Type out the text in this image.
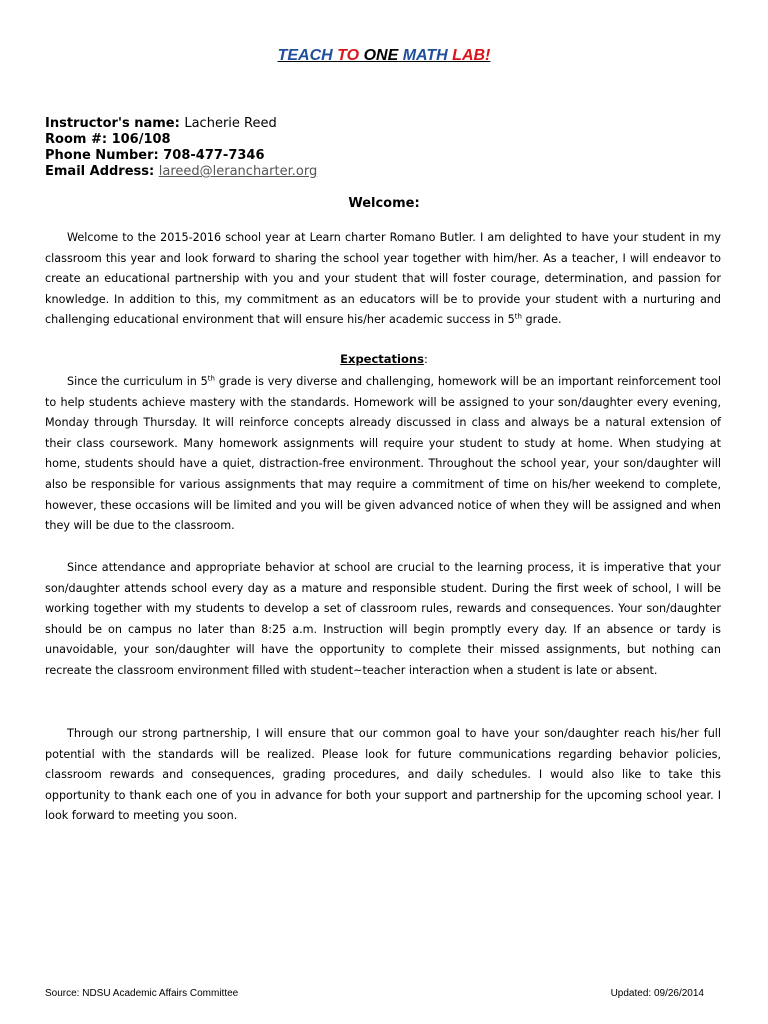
TEACH TO ONE MATH LAB!
Instructor's name: Lacherie Reed
Room #: 106/108
Phone Number: 708-477-7346
Email Address: lareed@lerancharter.org
Welcome:

Welcome to the 2015-2016 school year at Learn charter Romano Butler. I am delighted to have your student in my classroom this year and look forward to sharing the school year together with him/her. As a teacher, I will endeavor to create an educational partnership with you and your student that will foster courage, determination, and passion for knowledge. In addition to this, my commitment as an educators will be to provide your student with a nurturing and challenging educational environment that will ensure his/her academic success in 5th grade.

Expectations:

Since the curriculum in 5th grade is very diverse and challenging, homework will be an important reinforcement tool to help students achieve mastery with the standards. Homework will be assigned to your son/daughter every evening, Monday through Thursday. It will reinforce concepts already discussed in class and always be a natural extension of their class coursework. Many homework assignments will require your student to study at home. When studying at home, students should have a quiet, distraction-free environment. Throughout the school year, your son/daughter will also be responsible for various assignments that may require a commitment of time on his/her weekend to complete, however, these occasions will be limited and you will be given advanced notice of when they will be assigned and when they will be due to the classroom.

Since attendance and appropriate behavior at school are crucial to the learning process, it is imperative that your son/daughter attends school every day as a mature and responsible student. During the first week of school, I will be working together with my students to develop a set of classroom rules, rewards and consequences. Your son/daughter should be on campus no later than 8:25 a.m. Instruction will begin promptly every day. If an absence or tardy is unavoidable, your son/daughter will have the opportunity to complete their missed assignments, but nothing can recreate the classroom environment filled with student~teacher interaction when a student is late or absent.

Through our strong partnership, I will ensure that our common goal to have your son/daughter reach his/her full potential with the standards will be realized. Please look for future communications regarding behavior policies, classroom rewards and consequences, grading procedures, and daily schedules. I would also like to take this opportunity to thank each one of you in advance for both your support and partnership for the upcoming school year. I look forward to meeting you soon.

Source: NDSU Academic Affairs Committee	Updated: 09/26/2014
